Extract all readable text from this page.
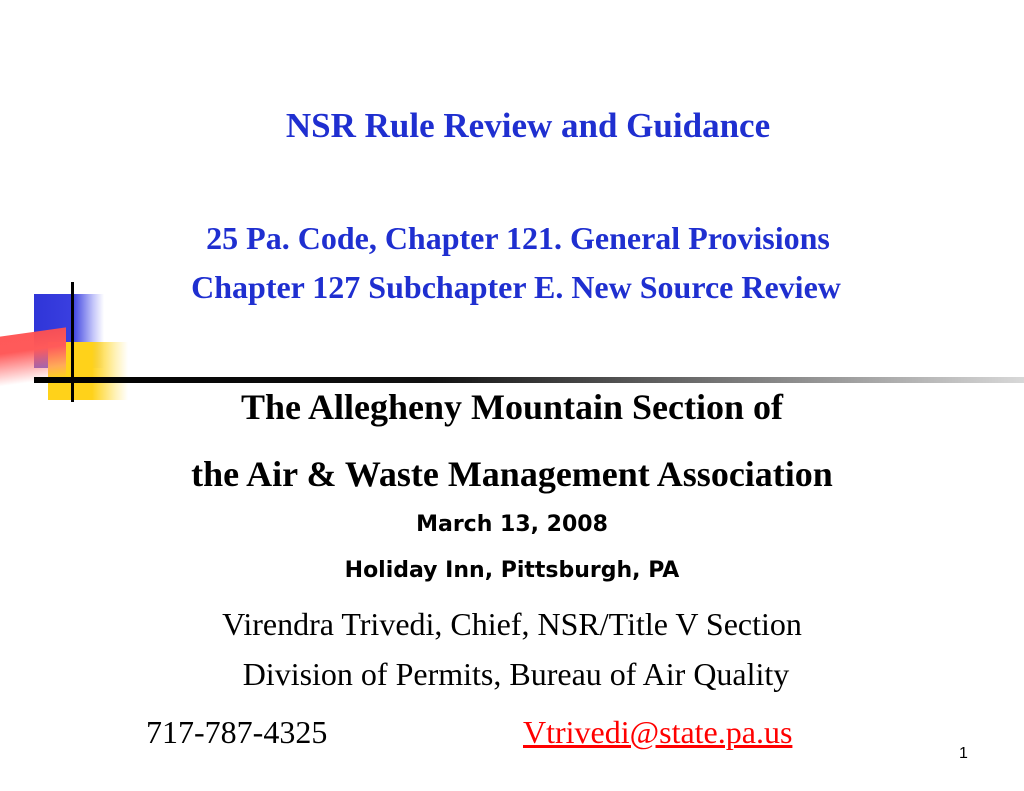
NSR Rule Review and Guidance
25 Pa. Code, Chapter 121. General Provisions
Chapter 127 Subchapter E. New Source Review
The Allegheny Mountain Section of
the Air & Waste Management Association
March 13, 2008
Holiday Inn, Pittsburgh, PA
Virendra Trivedi, Chief, NSR/Title V Section
Division of Permits, Bureau of Air Quality
717-787-4325	Vtrivedi@state.pa.us
1
